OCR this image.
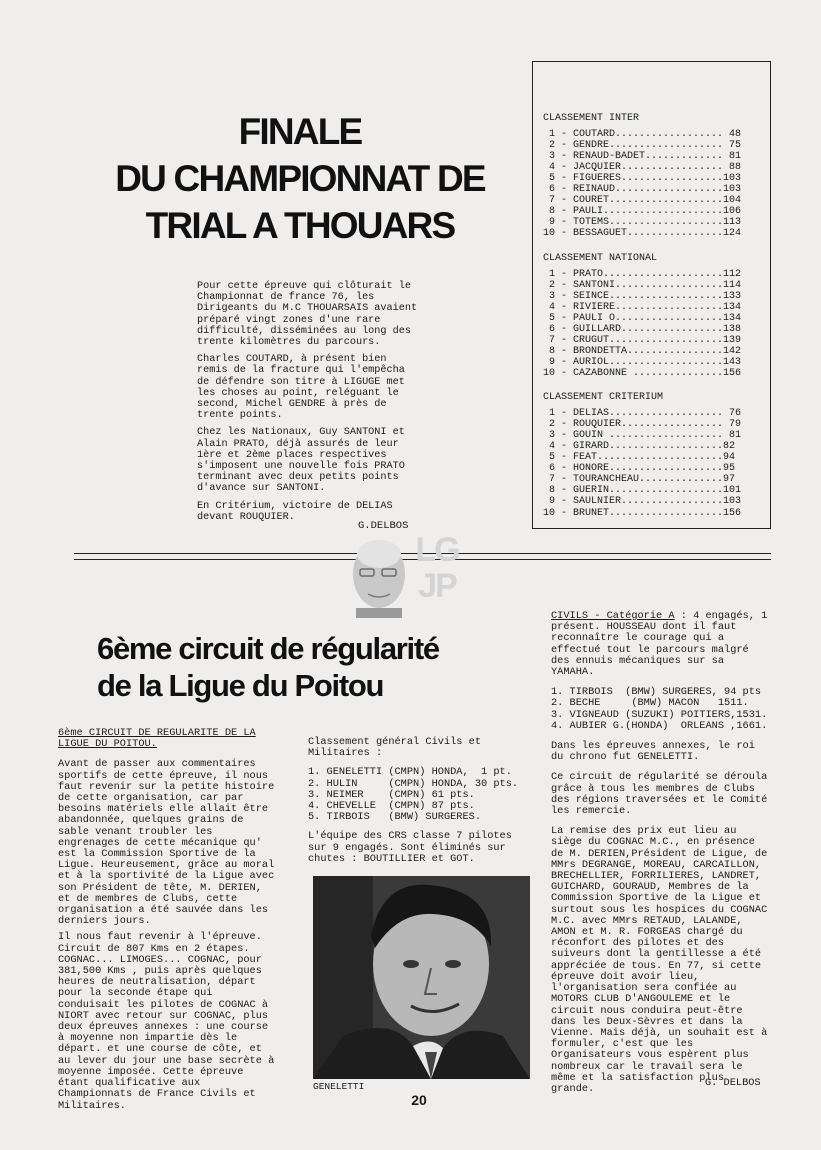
FINALE
DU CHAMPIONNAT DE
TRIAL A THOUARS

Pour cette épreuve qui clôturait le Championnat de france 76, les Dirigeants du M.C THOUARSAIS avaient préparé vingt zones d'une rare difficulté, disséminées au long des trente kilomètres du parcours.

Charles COUTARD, à présent bien remis de la fracture qui l'empêcha de défendre son titre à LIGUGE met les choses au point, reléguant le second, Michel GENDRE à près de trente points.

Chez les Nationaux, Guy SANTONI et Alain PRATO, déjà assurés de leur 1ère et 2ème places respectives s'imposent une nouvelle fois PRATO terminant avec deux petits points d'avance sur SANTONI.

En Critérium, victoire de DELIAS devant ROUQUIER.

G.DELBOS
CLASSEMENT INTER
1 - COUTARD.................. 48
2 - GENDRE................... 75
3 - RENAUD-BADET............. 81
4 - JACQUIER................. 88
5 - FIGUERES.................103
6 - REINAUD..................103
7 - COURET...................104
8 - PAULI....................106
9 - TOTEMS...................113
10 - BESSAGUET................124
CLASSEMENT NATIONAL
1 - PRATO....................112
2 - SANTONI..................114
3 - SEINCE...................133
4 - RIVIERE..................134
5 - PAULI O..................134
6 - GUILLARD.................138
7 - CRUGUT...................139
8 - BRONDETTA................142
9 - AURIOL...................143
10 - CAZABONNE ...............156
CLASSEMENT CRITERIUM
1 - DELIAS................... 76
2 - ROUQUIER................. 79
3 - GOUIN ................... 81
4 - GIRARD...................82
5 - FEAT.....................94
6 - HONORE...................95
7 - TOURANCHEAU..............97
8 - GUERIN...................101
9 - SAULNIER.................103
10 - BRUNET...................156
LG
JP
6ème circuit de régularité
de la Ligue du Poitou
6ème CIRCUIT DE REGULARITE DE LA LIGUE DU POITOU.

Avant de passer aux commentaires sportifs de cette épreuve, il nous faut revenir sur la petite histoire de cette organisation, car par besoins matériels elle allait être abandonnée, quelques grains de sable venant troubler les engrenages de cette mécanique qu' est la Commission Sportive de la Ligue. Heureusement, grâce au moral et à la sportivité de la Ligue avec son Président de tête, M. DERIEN, et de membres de Clubs, cette organisation a été sauvée dans les derniers jours.

Il nous faut revenir à l'épreuve. Circuit de 807 Kms en 2 étapes. COGNAC... LIMOGES... COGNAC, pour 381,500 Kms , puis après quelques heures de neutralisation, départ pour la seconde étape qui conduisait les pilotes de COGNAC à NIORT avec retour sur COGNAC, plus deux épreuves annexes : une course à moyenne non impartie dès le départ. et une course de côte, et au lever du jour une base secrète à moyenne imposée. Cette épreuve étant qualificative aux Championnats de France Civils et Militaires.

Classement général Civils et Militaires :

1. GENELETTI (CMPN) HONDA,  1 pt.
2. HULIN     (CMPN) HONDA, 30 pts.
3. NEIMER    (CMPN) 61 pts.
4. CHEVELLE  (CMPN) 87 pts.
5. TIRBOIS   (BMW) SURGERES.

L'équipe des CRS classe 7 pilotes sur 9 engagés. Sont éliminés sur chutes : BOUTILLIER et GOT.

GENELETTI

CIVILS - Catégorie A : 4 engagés, 1 présent. HOUSSEAU dont il faut reconnaître le courage qui a effectué tout le parcours malgré des ennuis mécaniques sur sa YAMAHA.

1. TIRBOIS  (BMW) SURGERES, 94 pts
2. BECHE     (BMW) MACON   1511.
3. VIGNEAUD (SUZUKI) POITIERS,1531.
4. AUBIER G.(HONDA)  ORLEANS ,1661.

Dans les épreuves annexes, le roi du chrono fut GENELETTI.

Ce circuit de régularité se déroula grâce à tous les membres de Clubs des régions traversées et le Comité les remercie.

La remise des prix eut lieu au siège du COGNAC M.C., en présence de M. DERIEN,Président de Ligue, de MMrs DEGRANGE, MOREAU, CARCAILLON, BRECHELLIER, FORRILIERES, LANDRET, GUICHARD, GOURAUD, Membres de la Commission Sportive de la Ligue et surtout sous les hospices du COGNAC M.C. avec MMrs RETAUD, LALANDE, AMON et M. R. FORGEAS chargé du réconfort des pilotes et des suiveurs dont la gentillesse a été appréciée de tous. En 77, si cette épreuve doit avoir lieu, l'organisation sera confiée au MOTORS CLUB D'ANGOULEME et le circuit nous conduira peut-être dans les Deux-Sèvres et dans la Vienne. Mais déjà, un souhait est à formuler, c'est que les Organisateurs vous espèrent plus nombreux car le travail sera le même et la satisfaction plus grande.	G. DELBOS
20
